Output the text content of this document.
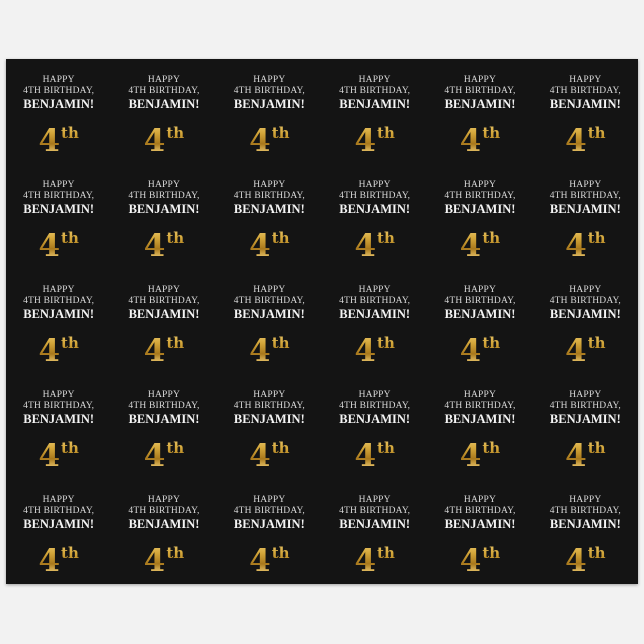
HAPPY
4TH BIRTHDAY,
BENJAMIN!
4th
HAPPY
4TH BIRTHDAY,
BENJAMIN!
4th
HAPPY
4TH BIRTHDAY,
BENJAMIN!
4th
HAPPY
4TH BIRTHDAY,
BENJAMIN!
4th
HAPPY
4TH BIRTHDAY,
BENJAMIN!
4th
HAPPY
4TH BIRTHDAY,
BENJAMIN!
4th
HAPPY
4TH BIRTHDAY,
BENJAMIN!
4th
HAPPY
4TH BIRTHDAY,
BENJAMIN!
4th
HAPPY
4TH BIRTHDAY,
BENJAMIN!
4th
HAPPY
4TH BIRTHDAY,
BENJAMIN!
4th
HAPPY
4TH BIRTHDAY,
BENJAMIN!
4th
HAPPY
4TH BIRTHDAY,
BENJAMIN!
4th
HAPPY
4TH BIRTHDAY,
BENJAMIN!
4th
HAPPY
4TH BIRTHDAY,
BENJAMIN!
4th
HAPPY
4TH BIRTHDAY,
BENJAMIN!
4th
HAPPY
4TH BIRTHDAY,
BENJAMIN!
4th
HAPPY
4TH BIRTHDAY,
BENJAMIN!
4th
HAPPY
4TH BIRTHDAY,
BENJAMIN!
4th
HAPPY
4TH BIRTHDAY,
BENJAMIN!
4th
HAPPY
4TH BIRTHDAY,
BENJAMIN!
4th
HAPPY
4TH BIRTHDAY,
BENJAMIN!
4th
HAPPY
4TH BIRTHDAY,
BENJAMIN!
4th
HAPPY
4TH BIRTHDAY,
BENJAMIN!
4th
HAPPY
4TH BIRTHDAY,
BENJAMIN!
4th
HAPPY
4TH BIRTHDAY,
BENJAMIN!
4th
HAPPY
4TH BIRTHDAY,
BENJAMIN!
4th
HAPPY
4TH BIRTHDAY,
BENJAMIN!
4th
HAPPY
4TH BIRTHDAY,
BENJAMIN!
4th
HAPPY
4TH BIRTHDAY,
BENJAMIN!
4th
HAPPY
4TH BIRTHDAY,
BENJAMIN!
4th
